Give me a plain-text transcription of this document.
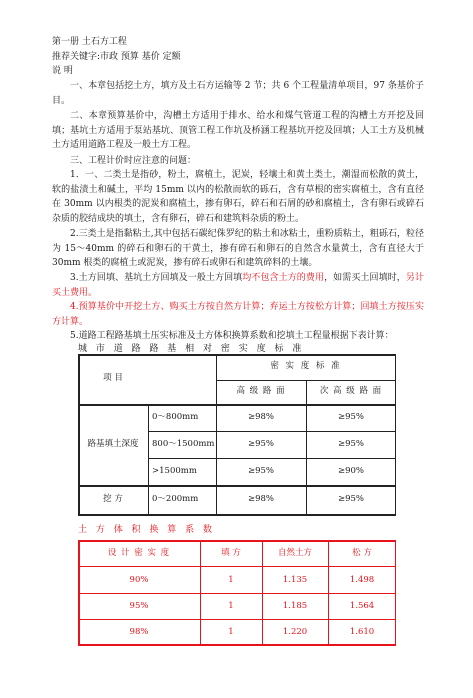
第一册 土石方工程
推荐关键字:市政 预算 基价 定额
说 明
一、本章包括挖土方，填方及土石方运输等 2 节；共 6 个工程量清单项目，97 条基价子目。
二、本章预算基价中，沟槽土方适用于排水、给水和煤气管道工程的沟槽土方开挖及回填；基坑土方适用于泵站基坑、顶管工程工作坑及桥涵工程基坑开挖及回填；人工土方及机械土方适用道路工程及一般土方工程。
三、工程计价时应注意的问题：
1．一、二类土是指砂，粉土，腐植土，泥炭，轻壤土和黄土类土，潮湿而松散的黄土，软的盐渍土和碱土，平均 15mm 以内的松散而软的砾石，含有草根的密实腐植土，含有直径在 30mm 以内根类的泥炭和腐植土，掺有卵石，碎石和石屑的砂和腐植土，含有卵石或碎石杂质的胶结成块的填土，含有卵石，碎石和建筑料杂质的粉土。
2.三类土是指黏粘土,其中包括石碳纪侏罗纪的粘土和冰粘土，重粉质粘土，粗砾石，粒径为 15～40mm 的碎石和卵石的干黄土，掺有碎石和卵石的自然含水量黄土，含有直径大于 30mm 根类的腐植土或泥炭，掺有碎石或卵石和建筑碎料的土壤。
3.土方回填、基坑土方回填及一般土方回填均不包含土方的费用，如需买土回填时，另计买土费用。
4.预算基价中开挖土方、购买土方按自然方计算；弃运土方按松方计算；回填土方按压实方计算。
5.道路工程路基填土压实标准及土方体积换算系数和挖填土工程量根据下表计算：
城 市 道 路 路 基 相 对 密 实 度 标 准
项 目
密 实 度 标 准
高 级 路 面	次 高 级 路 面
路基填土深度
0～800mm	≥98%	≥95%
800～1500mm	≥95%	≥95%
>1500mm	≥95%	≥90%
挖 方	0～200mm	≥98%	≥95%
土 方 体 积 换 算 系 数
设 计 密 实 度	填 方	自然土方	松 方
90%	1	1.135	1.498
95%	1	1.185	1.564
98%	1	1.220	1.610
